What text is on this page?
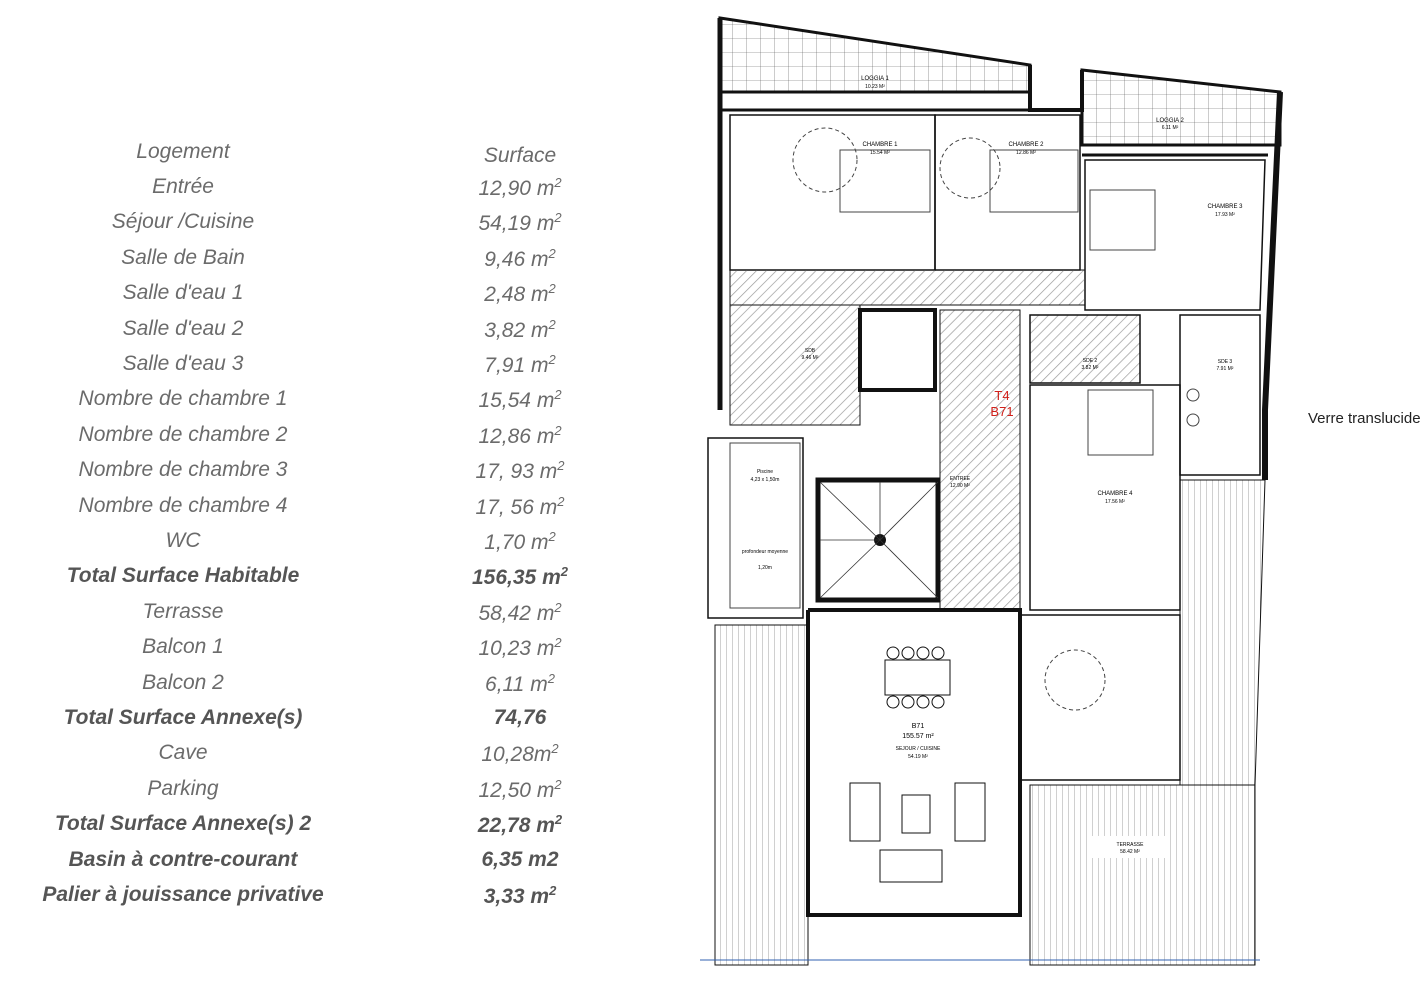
Logement	Surface
Entrée	12,90 $m^2$
Séjour /Cuisine	54,19 $m^2$
Salle de Bain	9,46 $m^2$
Salle d'eau 1	2,48 $m^2$
Salle d'eau 2	3,82 $m^2$
Salle d'eau 3	7,91 $m^2$
Nombre de chambre 1	15,54 $m^2$
Nombre de chambre 2	12,86 $m^2$
Nombre de chambre 3	17, 93 $m^2$
Nombre de chambre 4	17, 56 $m^2$
WC	1,70 $m^2$
Total Surface Habitable	156,35 $m^2$
Terrasse	58,42 $m^2$
Balcon 1	10,23 $m^2$
Balcon 2	6,11 $m^2$
Total Surface Annexe(s)	74,76
Cave	$10,28m^2$
Parking	12,50 $m^2$
Total Surface Annexe(s) 2	22,78 $m^2$
Basin à contre-courant	6,35 m2
Palier à jouissance privative	3,33 $m^2$
LOGGIA 1
10.23 M²
LOGGIA 2
6.11 M²
CHAMBRE 1
15.54 M²
CHAMBRE 2
12.86 M²
CHAMBRE 3
17.93 M²
ENTREE
12.90 M²
SDB
9.46 M²
T4
B71
CHAMBRE 4
17.56 M²
SDE 2
3.82 M²
SDE 3
7.91 M²
Piscine
4,23 x 1,50m
profondeur moyenne
1,20m
B71
155.57 m²
SEJOUR / CUISINE
54.19 M²
TERRASSE
58.42 M²
Verre translucide
